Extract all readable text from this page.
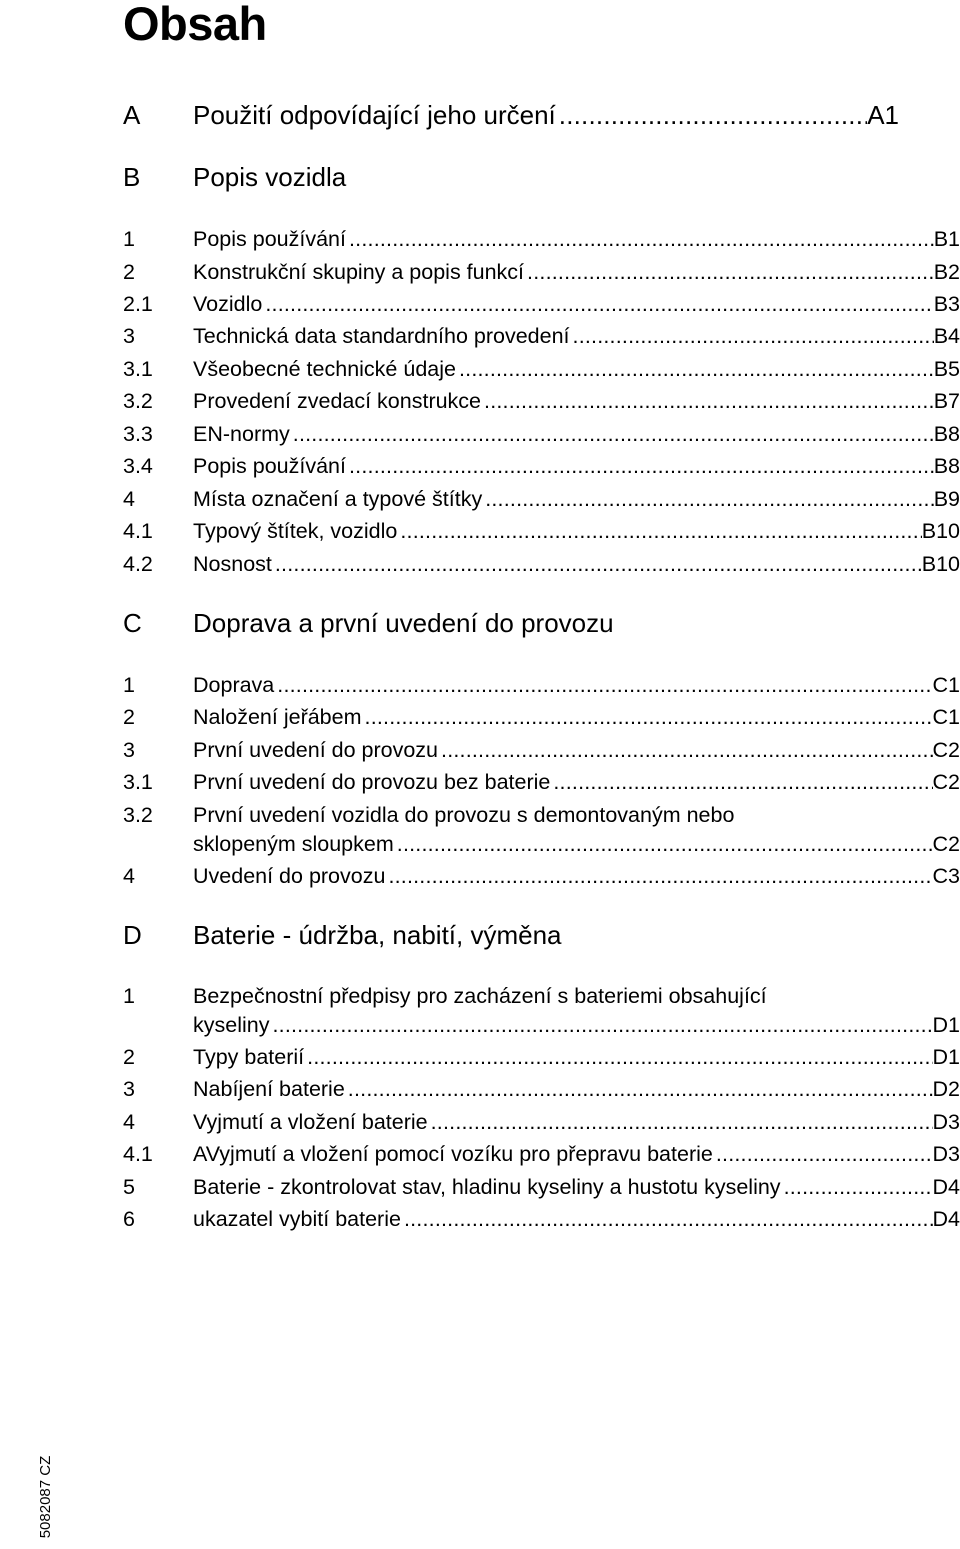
Obsah
A Použití odpovídající jeho určení .....	A1
B Popis vozidla
1	Popis používání .....	B1
2	Konstrukční skupiny a popis funkcí .....	B2
2.1 Vozidlo .....	B3
3	Technická data standardního provedení .....	B4
3.1 Všeobecné technické údaje .....	B5
3.2 Provedení zvedací konstrukce .....	B7
3.3 EN-normy .....	B8
3.4 Popis používání .....	B8
4	Místa označení a typové štítky .....	B9
4.1 Typový štítek, vozidlo .....	B10
4.2 Nosnost .....	B10
C Doprava a první uvedení do provozu
1	Doprava .....	C1
2	Naložení jeřábem .....	C1
3	První uvedení do provozu .....	C2
3.1 První uvedení do provozu bez baterie .....	C2
3.2 První uvedení vozidla do provozu s demontovaným nebo
sklopeným sloupkem .....	C2
4	Uvedení do provozu .....	C3
D Baterie - údržba, nabití, výměna
1	Bezpečnostní předpisy pro zacházení s bateriemi obsahující
kyseliny .....	D1
2	Typy baterií .....	D1
3	Nabíjení baterie .....	D2
4	Vyjmutí a vložení baterie .....	D3
4.1 AVyjmutí a vložení pomocí vozíku pro přepravu baterie .....	D3
5	Baterie - zkontrolovat stav, hladinu kyseliny a hustotu kyseliny .....	D4
6	ukazatel vybití baterie .....	D4
5082087 CZ
